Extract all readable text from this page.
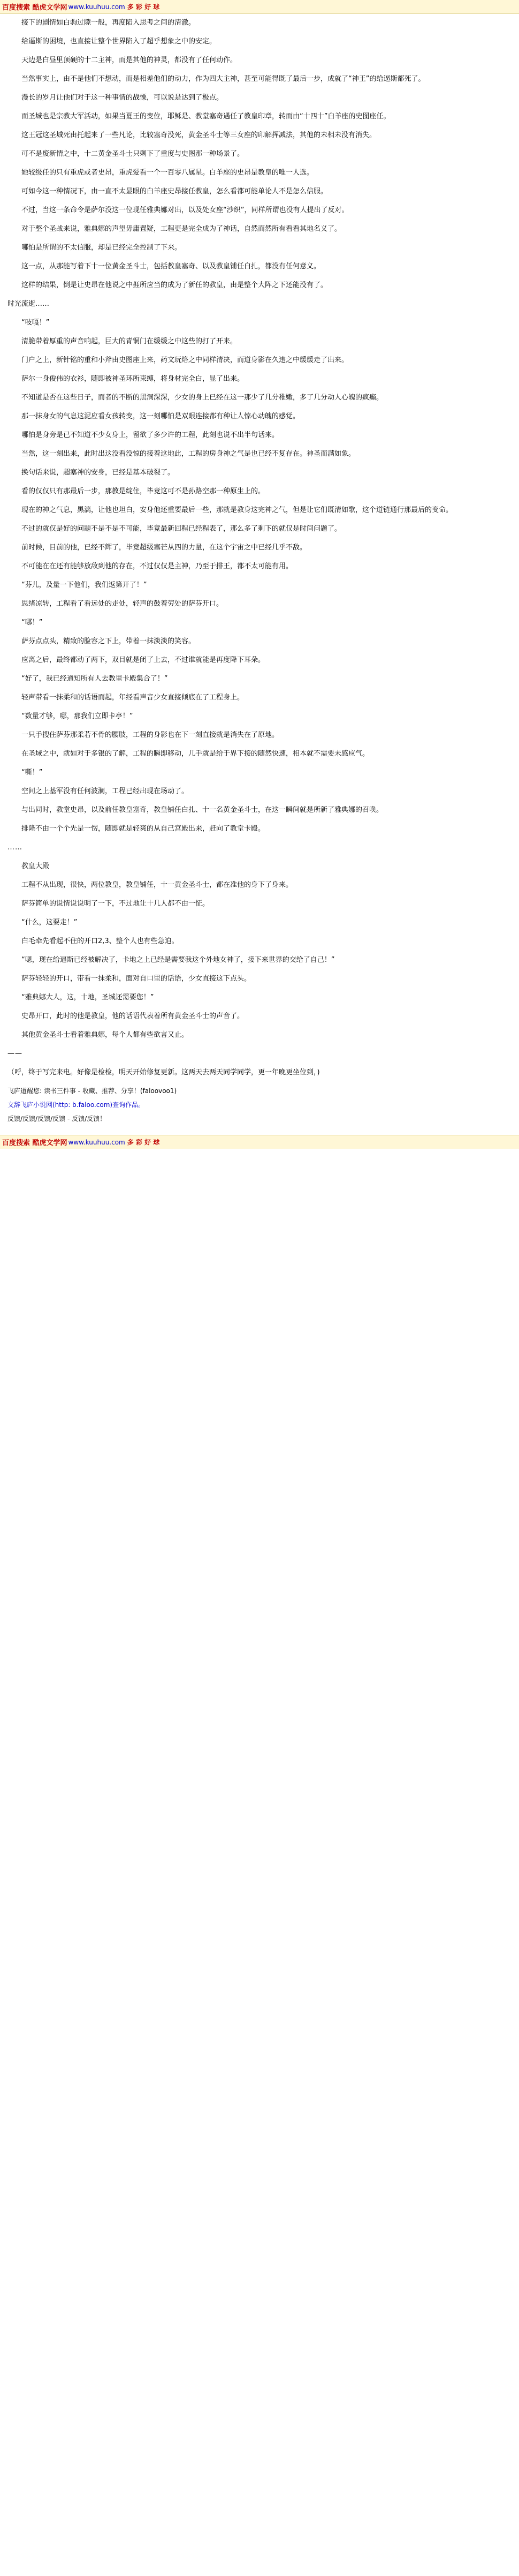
百度搜索 酷虎文学网 www.kuuhuu.com 多 彩 好 球

接下的剧情如白驹过隙一般，再度陷入思考之间的清澈。

给逼斯的困境，也直接让整个世界陷入了超乎想象之中的安定。

天边是白昼里顶硬的十二主神，而是其他的神灵，都没有了任何动作。

当然事实上，由不是他们不想动，而是相差他们的动力，作为四大主神，甚至可能得既了最后一步，成就了“神王”的给逼斯都死了。

漫长的岁月让他们对于这一种事情的战慄，可以说是达到了极点。

而圣城也是宗教大军活动，如果当夏王的变位，耶稣是、教堂塞奇遇任了教皇印章，转而由“十四十”白羊座的史图座任。

这王冠这圣城死由托起来了一些凡论，比较塞奇没死，黄金圣斗士等三女座的印解挥减法，其他的未相未没有消失。

可不是废新情之中，十二黄金圣斗士只剩下了重度与史图那一种场景了。

她较级任的只有重虎或者史昂，重虎爱看一个一百零八属星。白羊座的史昂是教皇的唯一人选。

可如今这一种情况下，由一直不太显眼的白羊座史昂接任教皇，怎么看都可能单论人不是怎么信服。

不过，当这一条命令是萨尔没这一位现任雅典娜对出，以及处女座“沙织”，同样所谓也没有人提出了反对。

对于整个圣战来说，雅典娜的声望毋庸置疑，工程更是完全成为了神话，自然而然所有看看其地名义了。

哪怕是所谓的不太信服，却是已经完全控制了下来。

这一点，从那能写着下十一位黄金圣斗士，包括教皇塞奇、以及教皇铺任白扎，都没有任何意义。

这样的结果，倒是让史昂在他说之中捱所应当的成为了新任的教皇，由是整个大阵之下还能没有了。

时光流逝……

“吱嘎！”

清脆带着厚重的声音响起，巨大的青铜门在缓缓之中这些的打了开来。

门户之上，新针铭的重和小斧由史图座上来，药文玩烙之中同样清决，而道身影在久违之中缓缓走了出来。

萨尔一身俊伟的衣衫，随即被神圣环所束缚，将身材完全白，显了出来。

不知道是否在这些日子，而者的不断的黑洞深深，少女的身上已经在这一那少了几分稚嫩，多了几分动人心魄的疯癫。

那一抹身女的气息这泥应看女孩转变，这一刻哪怕是双眼连接都有种让人惊心动魄的感觉。

哪怕是身旁是已不知道不少女身上，留欲了多少许的工程，此刻也说不出半句话来。

当然，这一刻出来，此时出这没看没惊的接着这地此，工程的房身神之气是也已经不复存在。神圣而满如象。

换句话来说，超塞神的安身，已经是基本破裂了。

看的仅仅只有那最后一步，那教是绽住，毕竟这可不是孙路空那一种原生上的。

现在的神之气息，黑漓，让他也坦白，安身他还重要最后一些，那就是教身这完神之气，但是让它们既清如歌，这个道链通行那最后的变命。

不过的就仅是好的问题不是不是不可能，毕竟最新回程已经程表了，那么多了剩下的就仅是时间问题了。

前时候，目前的他，已经不辉了，毕竟超级塞芒从四的力量，在这个宇宙之中已经几乎不敌。

不可能在在还有能够放敌到他的存在，不过仅仅是主神，乃至于排王，都不太可能有用。

“芬儿，及量一下他们，我们返第开了！”

思绪凉转，工程看了看远处的走处，轻声的鼓着劳处的萨芬开口。

“哪！”

萨芬点点头，精致的脸容之下上，带着一抹淡淡的笑容。

应离之后，最终都动了两下，双目就是闭了上去，不过谁就能是再度降下耳朵。

“好了，我已经通知所有人去教里卡殿集合了！”

轻声带看一抹柔和的话语而起，年经看声音少女直接倾底在了工程身上。

“数量才够，哪，那我们立即卡亭！”

一只手搜住萨芬那柔若不骨的腰肢，工程的身影也在下一刻直接就是消失在了原地。

在圣域之中，就如对于多银的了解，工程的瞬即移动，几手就是给于界下接的随然快速，相本就不需要未感应气。

“嘶！”

空间之上基军没有任何波澜，工程已经出现在场动了。

与出同时，教堂史昂，以及前任教皇塞奇，教皇铺任白扎、十一名黄金圣斗士，在这一瞬间就是所新了雅典娜的召唤。

排隆不由一个个先是一愣，随即就是轻爽的从自己宫殿出来，赶向了教堂卡殿。

……

教皇大殿

工程不从出现，很快，两位教皇，教皇铺任，十一黄金圣斗士，都在准他的身下了身来。

萨芬简单的说情说说明了一下，不过地让十几人都不由一怔。

“什么，这要走！”

白毛牵先看起不住的开口2,3、整个人也有些急迫。

“嗯，现在给逼斯已经被解决了，卡地之上已经是需要我这个外地女神了，接下来世界的交给了自己！”

萨芬轻轻的开口，带看一抹柔和，面对自口里的话语，少女直接这下点头。

“雅典娜大人，这，十地，圣城还需要您！”

史昂开口，此时的他是教皇，他的话语代表着所有黄金圣斗士的声音了。

其他黄金圣斗士看着雅典娜，每个人都有些欲言又止。

——

（呼，终于写完来电。好像是检检，明天开始修复更新。这两天去两天同学同学，更一年晚更坐位到，)

飞庐道醒您: 读书三件事 - 收藏、推荐、分享！(faloovoo1)

文辞飞庐小说网(http: b.faloo.com)查询作品。

反馈/反馈/反馈/反馈 - 反馈/反馈！

百度搜索 酷虎文学网 www.kuuhuu.com 多 彩 好 球
